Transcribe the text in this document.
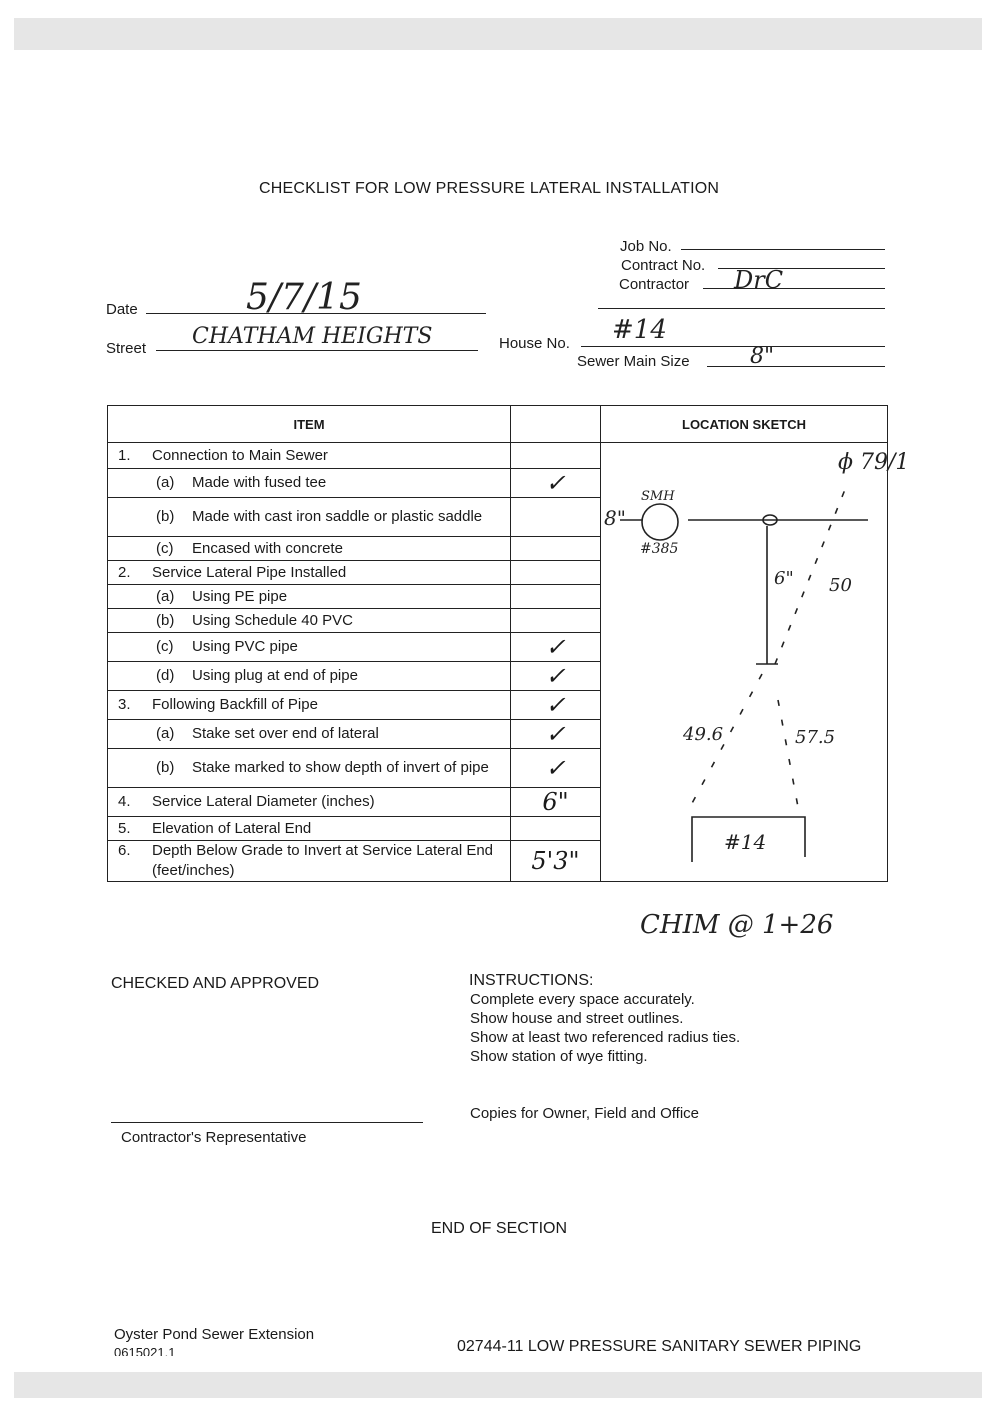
CHECKLIST FOR LOW PRESSURE LATERAL INSTALLATION
Job No.
Contract No.
Contractor DrC
Date	5/7/15
Street CHATHAM HEIGHTS	House No. #14
Sewer Main Size	8"
ITEM		LOCATION SKETCH
1. Connection to Main Sewer		
(a) Made with fused tee	✓	
(b) Made with cast iron saddle or plastic saddle		
(c) Encased with concrete		
2. Service Lateral Pipe Installed		
(a) Using PE pipe		
(b) Using Schedule 40 PVC		
(c) Using PVC pipe	✓	
(d) Using plug at end of pipe	✓	
3. Following Backfill of Pipe	✓	
(a) Stake set over end of lateral	✓	
(b) Stake marked to show depth of invert of pipe	✓	
4. Service Lateral Diameter (inches)	6"	
5. Elevation of Lateral End		
6. Depth Below Grade to Invert at Service Lateral End (feet/inches)	5'3"	
ϕ 79/1
SMH
8"
#385
6" 50
49.6	57.5
#14
CHIM @ 1+26
CHECKED AND APPROVED
Contractor's Representative
INSTRUCTIONS:
Complete every space accurately.
Show house and street outlines.
Show at least two referenced radius ties.
Show station of wye fitting.
Copies for Owner, Field and Office
END OF SECTION
Oyster Pond Sewer Extension
0615021.1	02744-11 LOW PRESSURE SANITARY SEWER PIPING
